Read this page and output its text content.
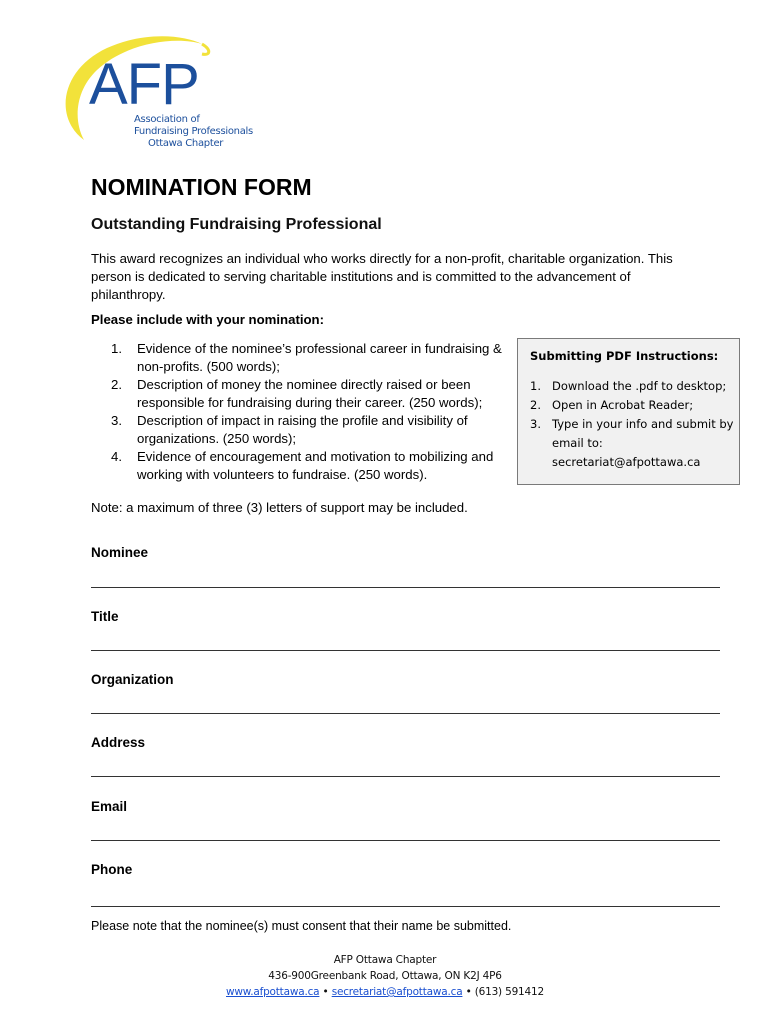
AFP
Association of
Fundraising Professionals
Ottawa Chapter
NOMINATION FORM
Outstanding Fundraising Professional

This award recognizes an individual who works directly for a non-profit, charitable organization. This person is dedicated to serving charitable institutions and is committed to the advancement of philanthropy.

Please include with your nomination:

1. Evidence of the nominee’s professional career in fundraising & non-profits. (500 words);
2. Description of money the nominee directly raised or been responsible for fundraising during their career. (250 words);
3. Description of impact in raising the profile and visibility of organizations. (250 words);
4. Evidence of encouragement and motivation to mobilizing and working with volunteers to fundraise. (250 words).

Submitting PDF Instructions:

1. Download the .pdf to desktop;
2. Open in Acrobat Reader;
3. Type in your info and submit by email to: secretariat@afpottawa.ca

Note: a maximum of three (3) letters of support may be included.

Nominee

Title

Organization

Address

Email

Phone

Please note that the nominee(s) must consent that their name be submitted.

AFP Ottawa Chapter
436-900Greenbank Road, Ottawa, ON K2J 4P6
www.afpottawa.ca • secretariat@afpottawa.ca • (613) 591412
